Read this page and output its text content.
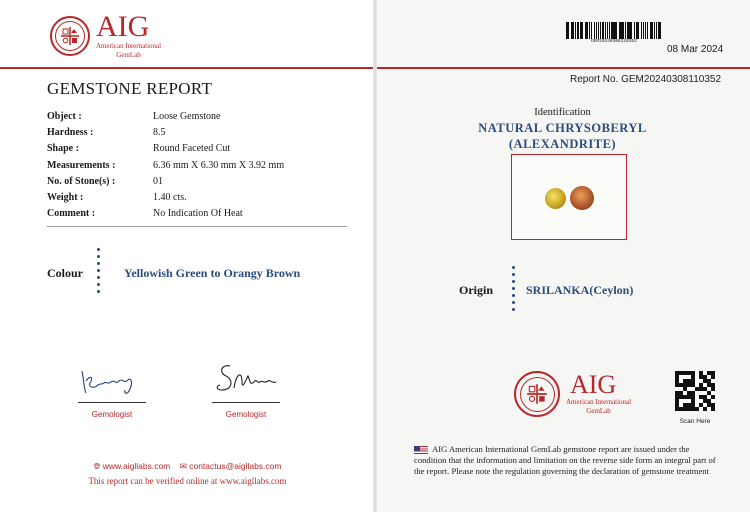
AIG
American International
GemLab
GEMSTONE REPORT
Object :	Loose Gemstone
Hardness :	8.5
Shape :	Round Faceted Cut
Measurements :	6.36 mm X 6.30 mm X 3.92 mm
No. of Stone(s) :	01
Weight :	1.40 cts.
Comment :	No Indication Of Heat
Colour	Yellowish Green to Orangy Brown
Gemologist	Gemologist
🌐︎ www.aigllabs.com ✉ contactus@aigllabs.com
This report can be verified online at www.aigllabs.com
GEM20240308110352
08 Mar 2024
Report No. GEM20240308110352
Identification
NATURAL CHRYSOBERYL
(ALEXANDRITE)
Origin	SRILANKA(Ceylon)
AIG
American International
GemLab
Scan Here
AIG American International GemLab gemstone report are issued under the condition that the information and limitation on the reverse side form an integral part of the report. Please note the regulation governing the declaration of gemstone treatment
